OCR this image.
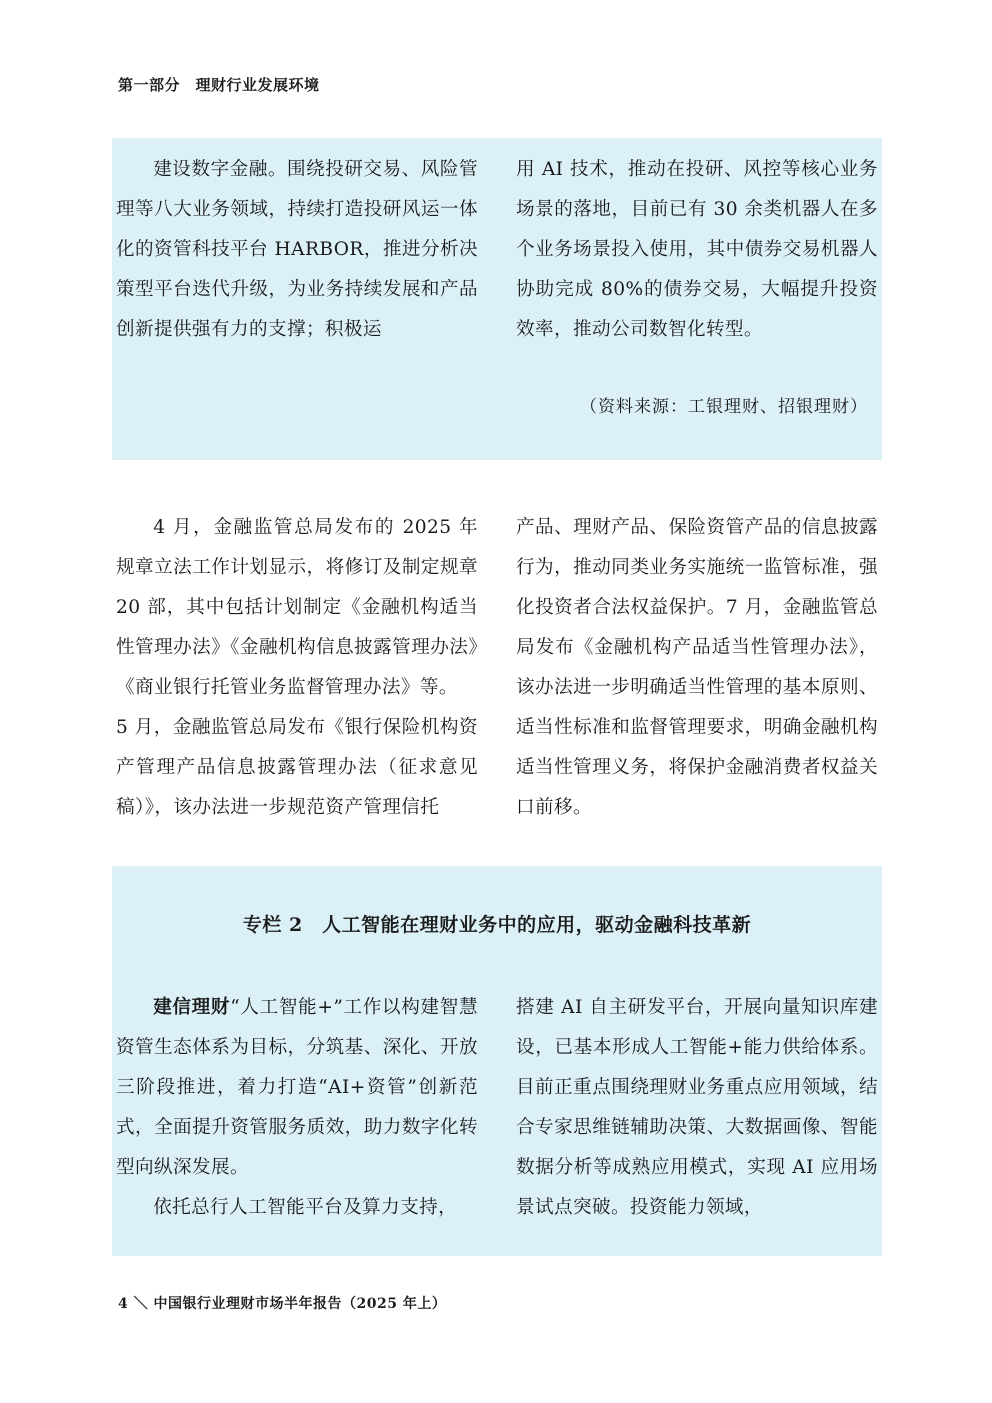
第一部分　理财行业发展环境

建设数字金融。围绕投研交易、风险管理等八大业务领域，持续打造投研风运一体化的资管科技平台 HARBOR，推进分析决策型平台迭代升级，为业务持续发展和产品创新提供强有力的支撑；积极运

用 AI 技术，推动在投研、风控等核心业务场景的落地，目前已有 30 余类机器人在多个业务场景投入使用，其中债券交易机器人协助完成 80%的债券交易，大幅提升投资效率，推动公司数智化转型。

（资料来源：工银理财、招银理财）

4 月，金融监管总局发布的 2025 年规章立法工作计划显示，将修订及制定规章 20 部，其中包括计划制定《金融机构适当性管理办法》《金融机构信息披露管理办法》《商业银行托管业务监督管理办法》等。

5 月，金融监管总局发布《银行保险机构资产管理产品信息披露管理办法（征求意见稿）》，该办法进一步规范资产管理信托

产品、理财产品、保险资管产品的信息披露行为，推动同类业务实施统一监管标准，强化投资者合法权益保护。7 月，金融监管总局发布《金融机构产品适当性管理办法》，该办法进一步明确适当性管理的基本原则、适当性标准和监督管理要求，明确金融机构适当性管理义务，将保护金融消费者权益关口前移。

专栏 2　人工智能在理财业务中的应用，驱动金融科技革新

建信理财“人工智能+”工作以构建智慧资管生态体系为目标，分筑基、深化、开放三阶段推进，着力打造“AI+资管”创新范式，全面提升资管服务质效，助力数字化转型向纵深发展。

依托总行人工智能平台及算力支持，

搭建 AI 自主研发平台，开展向量知识库建设，已基本形成人工智能+能力供给体系。目前正重点围绕理财业务重点应用领域，结合专家思维链辅助决策、大数据画像、智能数据分析等成熟应用模式，实现 AI 应用场景试点突破。投资能力领域，

4 ＼ 中国银行业理财市场半年报告（2025 年上）
